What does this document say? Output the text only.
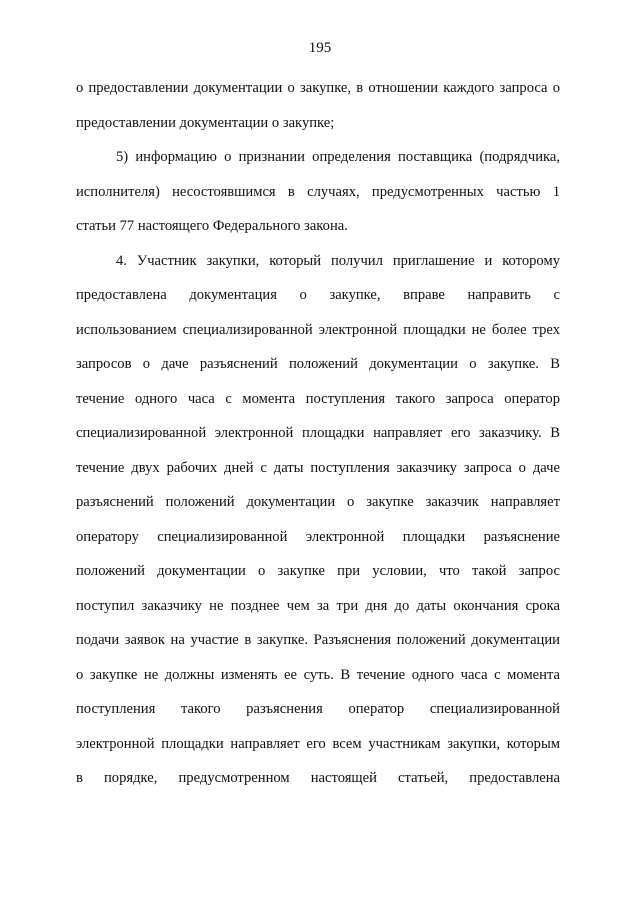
195
о предоставлении документации о закупке, в отношении каждого запроса о
предоставлении документации о закупке;
5) информацию о признании определения поставщика (подрядчика,
исполнителя) несостоявшимся в случаях, предусмотренных частью 1
статьи 77 настоящего Федерального закона.
4. Участник закупки, который получил приглашение и которому
предоставлена документация о закупке, вправе направить с
использованием специализированной электронной площадки не более трех
запросов о даче разъяснений положений документации о закупке. В
течение одного часа с момента поступления такого запроса оператор
специализированной электронной площадки направляет его заказчику. В
течение двух рабочих дней с даты поступления заказчику запроса о даче
разъяснений положений документации о закупке заказчик направляет
оператору специализированной электронной площадки разъяснение
положений документации о закупке при условии, что такой запрос
поступил заказчику не позднее чем за три дня до даты окончания срока
подачи заявок на участие в закупке. Разъяснения положений документации
о закупке не должны изменять ее суть. В течение одного часа с момента
поступления такого разъяснения оператор специализированной
электронной площадки направляет его всем участникам закупки, которым
в порядке, предусмотренном настоящей статьей, предоставлена
